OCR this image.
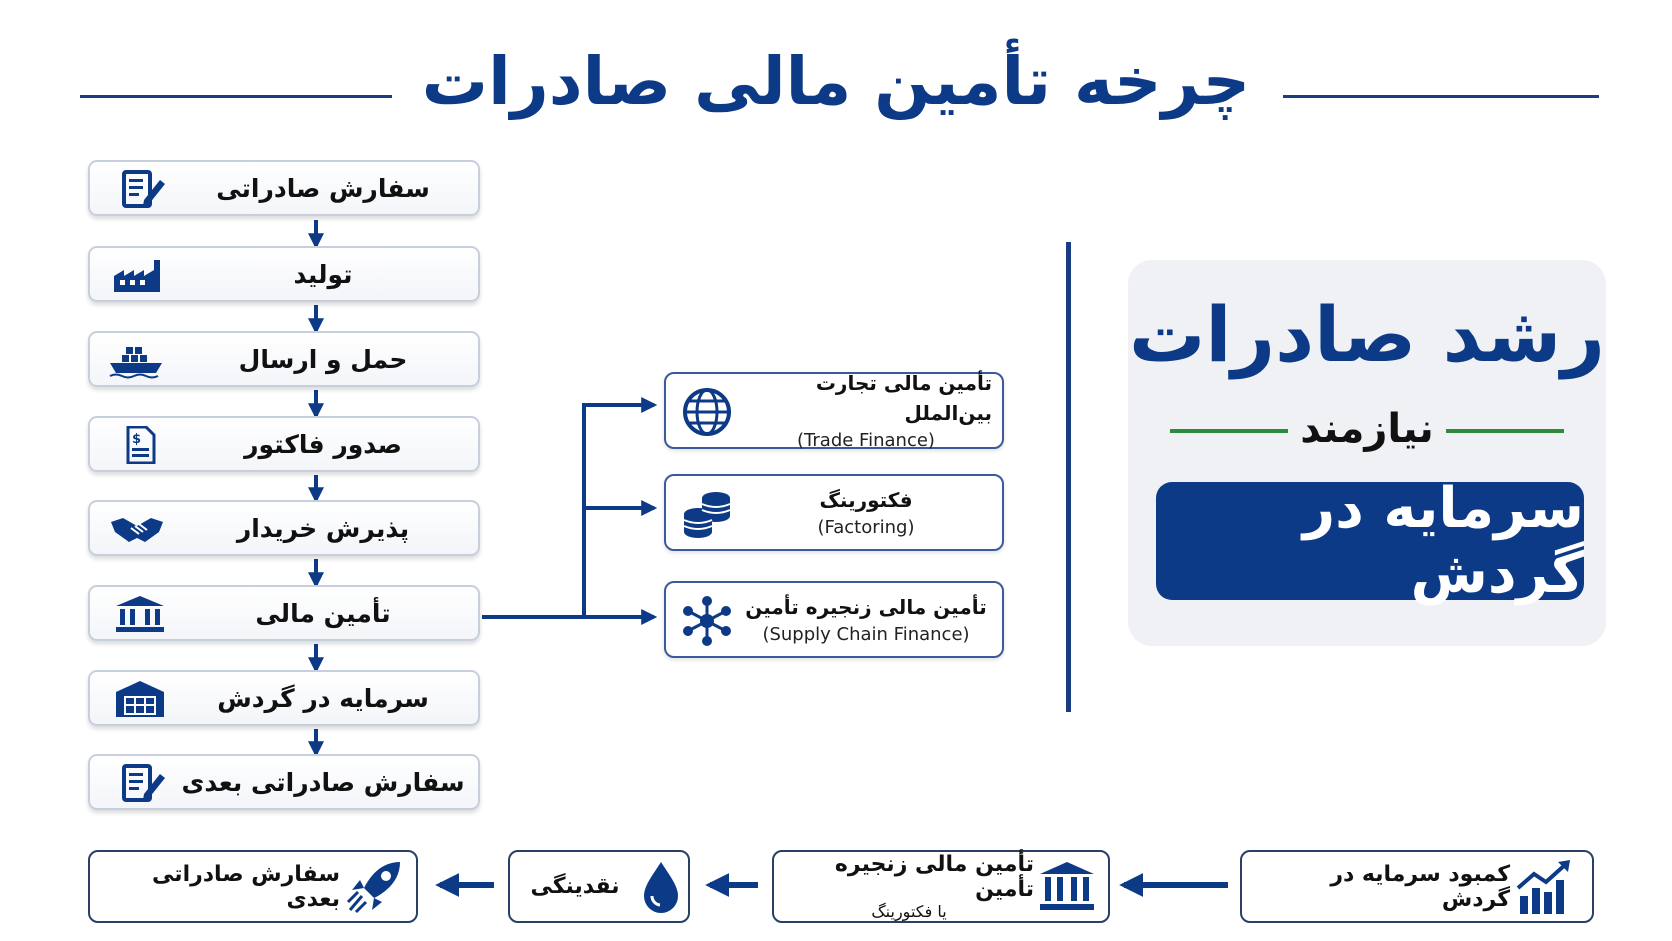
چرخه تأمین مالی صادرات
سفارش صادراتی
تولید
حمل و ارسال
$	صدور فاکتور
پذیرش خریدار
تأمین مالی
سرمایه در گردش
سفارش صادراتی بعدی
تأمین مالی تجارت بین‌الملل
(Trade Finance)
فکتورینگ
(Factoring)
تأمین مالی زنجیره تأمین
(Supply Chain Finance)
رشد صادرات
نیازمند
سرمایه در گردش
کمبود سرمایه در گردش
تأمین مالی زنجیره تأمین
یا فکتورینگ
نقدینگی
سفارش صادراتی بعدی
